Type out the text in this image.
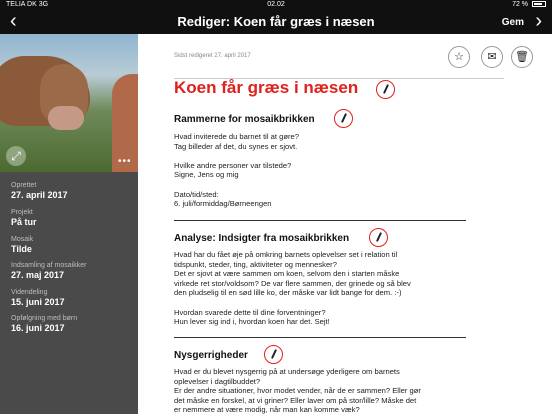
TELIA DK 3G	02.02	72 %
‹	Rediger: Koen får græs i næsen	Gem ›
⤢	•••
Oprettet
27. april 2017
Projekt
På tur
Mosaik
Tilde
Indsamling af mosaikker
27. maj 2017
Videndeling
15. juni 2017
Opfølgning med børn
16. juni 2017
Sidst redigeret 27. april 2017	☆	✉	🗑
Koen får græs i næsen
Rammerne for mosaikbrikken
Hvad inviterede du barnet til at gøre?
Tag billeder af det, du synes er sjovt.

Hvilke andre personer var tilstede?
Signe, Jens og mig

Dato/tid/sted:
6. juli/formiddag/Børneengen
Analyse: Indsigter fra mosaikbrikken
Hvad har du fået øje på omkring barnets oplevelser set i relation til
tidspunkt, steder, ting, aktiviteter og mennesker?
Det er sjovt at være sammen om koen, selvom den i starten måske
virkede ret stor/voldsom? De var flere sammen, der grinede og så blev
den pludselig til en sød lille ko, der måske var lidt bange for dem. :-)

Hvordan svarede dette til dine forventninger?
Hun lever sig ind i, hvordan koen har det. Sejt!
Nysgerrigheder
Hvad er du blevet nysgerrig på at undersøge yderligere om barnets
oplevelser i dagtilbuddet?
Er der andre situationer, hvor modet vender, når de er sammen? Eller gør
det måske en forskel, at vi griner? Eller laver om på stor/lille? Måske det
er nemmere at være modig, når man kan komme væk?
